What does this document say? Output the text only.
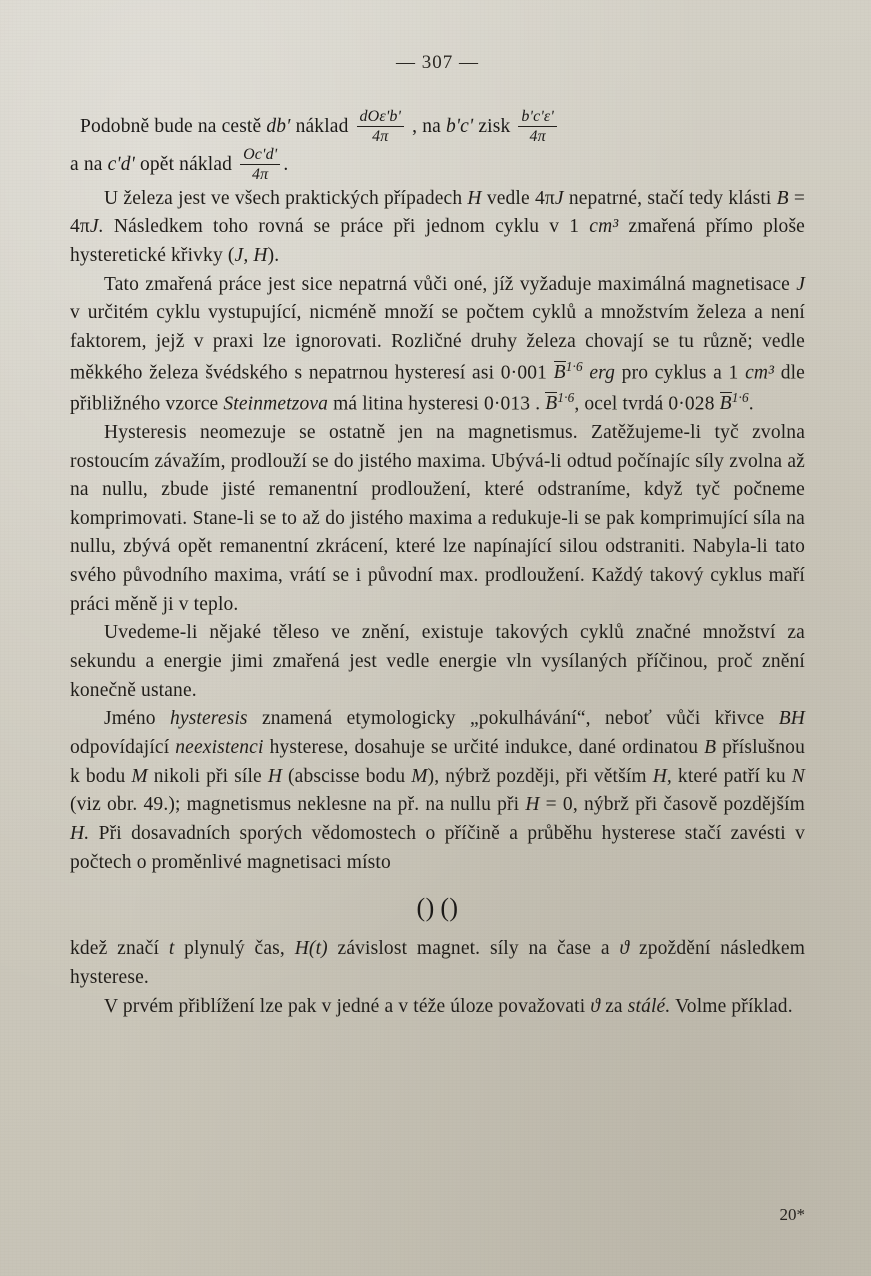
— 307 —
Podobně bude na cestě db′ náklad $\frac{\text{dOεʹbʹ}}{4\pi}$ , na bʹcʹ zisk $\frac{\text{bʹcʹεʹ}}{4\pi}$

a na cʹdʹ opět náklad $\frac{\text{Ocʹdʹ}}{4\pi}$ .

U železa jest ve všech praktických případech H vedle 4πJ nepatrné, stačí tedy klásti B = 4πJ. Následkem toho rovná se práce při jednom cyklu v 1 cm³ zmařená přímo ploše hysteretické křivky (J, H).

Tato zmařená práce jest sice nepatrná vůči oné, jíž vyžaduje maximálná magnetisace J v určitém cyklu vystupující, nicméně množí se počtem cyklů a množstvím železa a není faktorem, jejž v praxi lze ignorovati. Rozličné druhy železa chovají se tu různě; vedle měkkého železa švédského s nepatrnou hysteresí asi 0·001 $B^{1\cdot 6}$ erg pro cyklus a 1 cm³ dle přibližného vzorce Steinmetzova má litina hysteresi 0·013 . $B^{1\cdot 6}$, ocel tvrdá 0·028 $B^{1\cdot 6}$.

Hysteresis neomezuje se ostatně jen na magnetismus. Zatěžujeme-li tyč zvolna rostoucím závažím, prodlouží se do jistého maxima. Ubývá-li odtud počínajíc síly zvolna až na nullu, zbude jisté remanentní prodloužení, které odstraníme, když tyč počneme komprimovati. Stane-li se to až do jistého maxima a redukuje-li se pak komprimující síla na nullu, zbývá opět remanentní zkrácení, které lze napínající silou odstraniti. Nabyla-li tato svého původního maxima, vrátí se i původní max. prodloužení. Každý takový cyklus maří práci měně ji v teplo.

Uvedeme-li nějaké těleso ve znění, existuje takových cyklů značné množství za sekundu a energie jimi zmařená jest vedle energie vln vysílaných příčinou, proč znění konečně ustane.

Jméno hysteresis znamená etymologicky „pokulhávání“, neboť vůči křivce BH odpovídající neexistenci hysterese, dosahuje se určité indukce, dané ordinatou B příslušnou k bodu M nikoli při síle H (abscisse bodu M), nýbrž později, při větším H, které patří ku N (viz obr. 49.); magnetismus neklesne na př. na nullu při H = 0, nýbrž při časově pozdějším H. Při dosavadních sporých vědomostech o příčině a průběhu hysterese stačí zavésti v počtech o proměnlivé magnetisaci místo

() ()

kdež značí t plynulý čas, H(t) závislost magnet. síly na čase a ϑ zpoždění následkem hysterese.

V prvém přiblížení lze pak v jedné a v téže úloze považovati ϑ za stálé. Volme příklad.

20*
